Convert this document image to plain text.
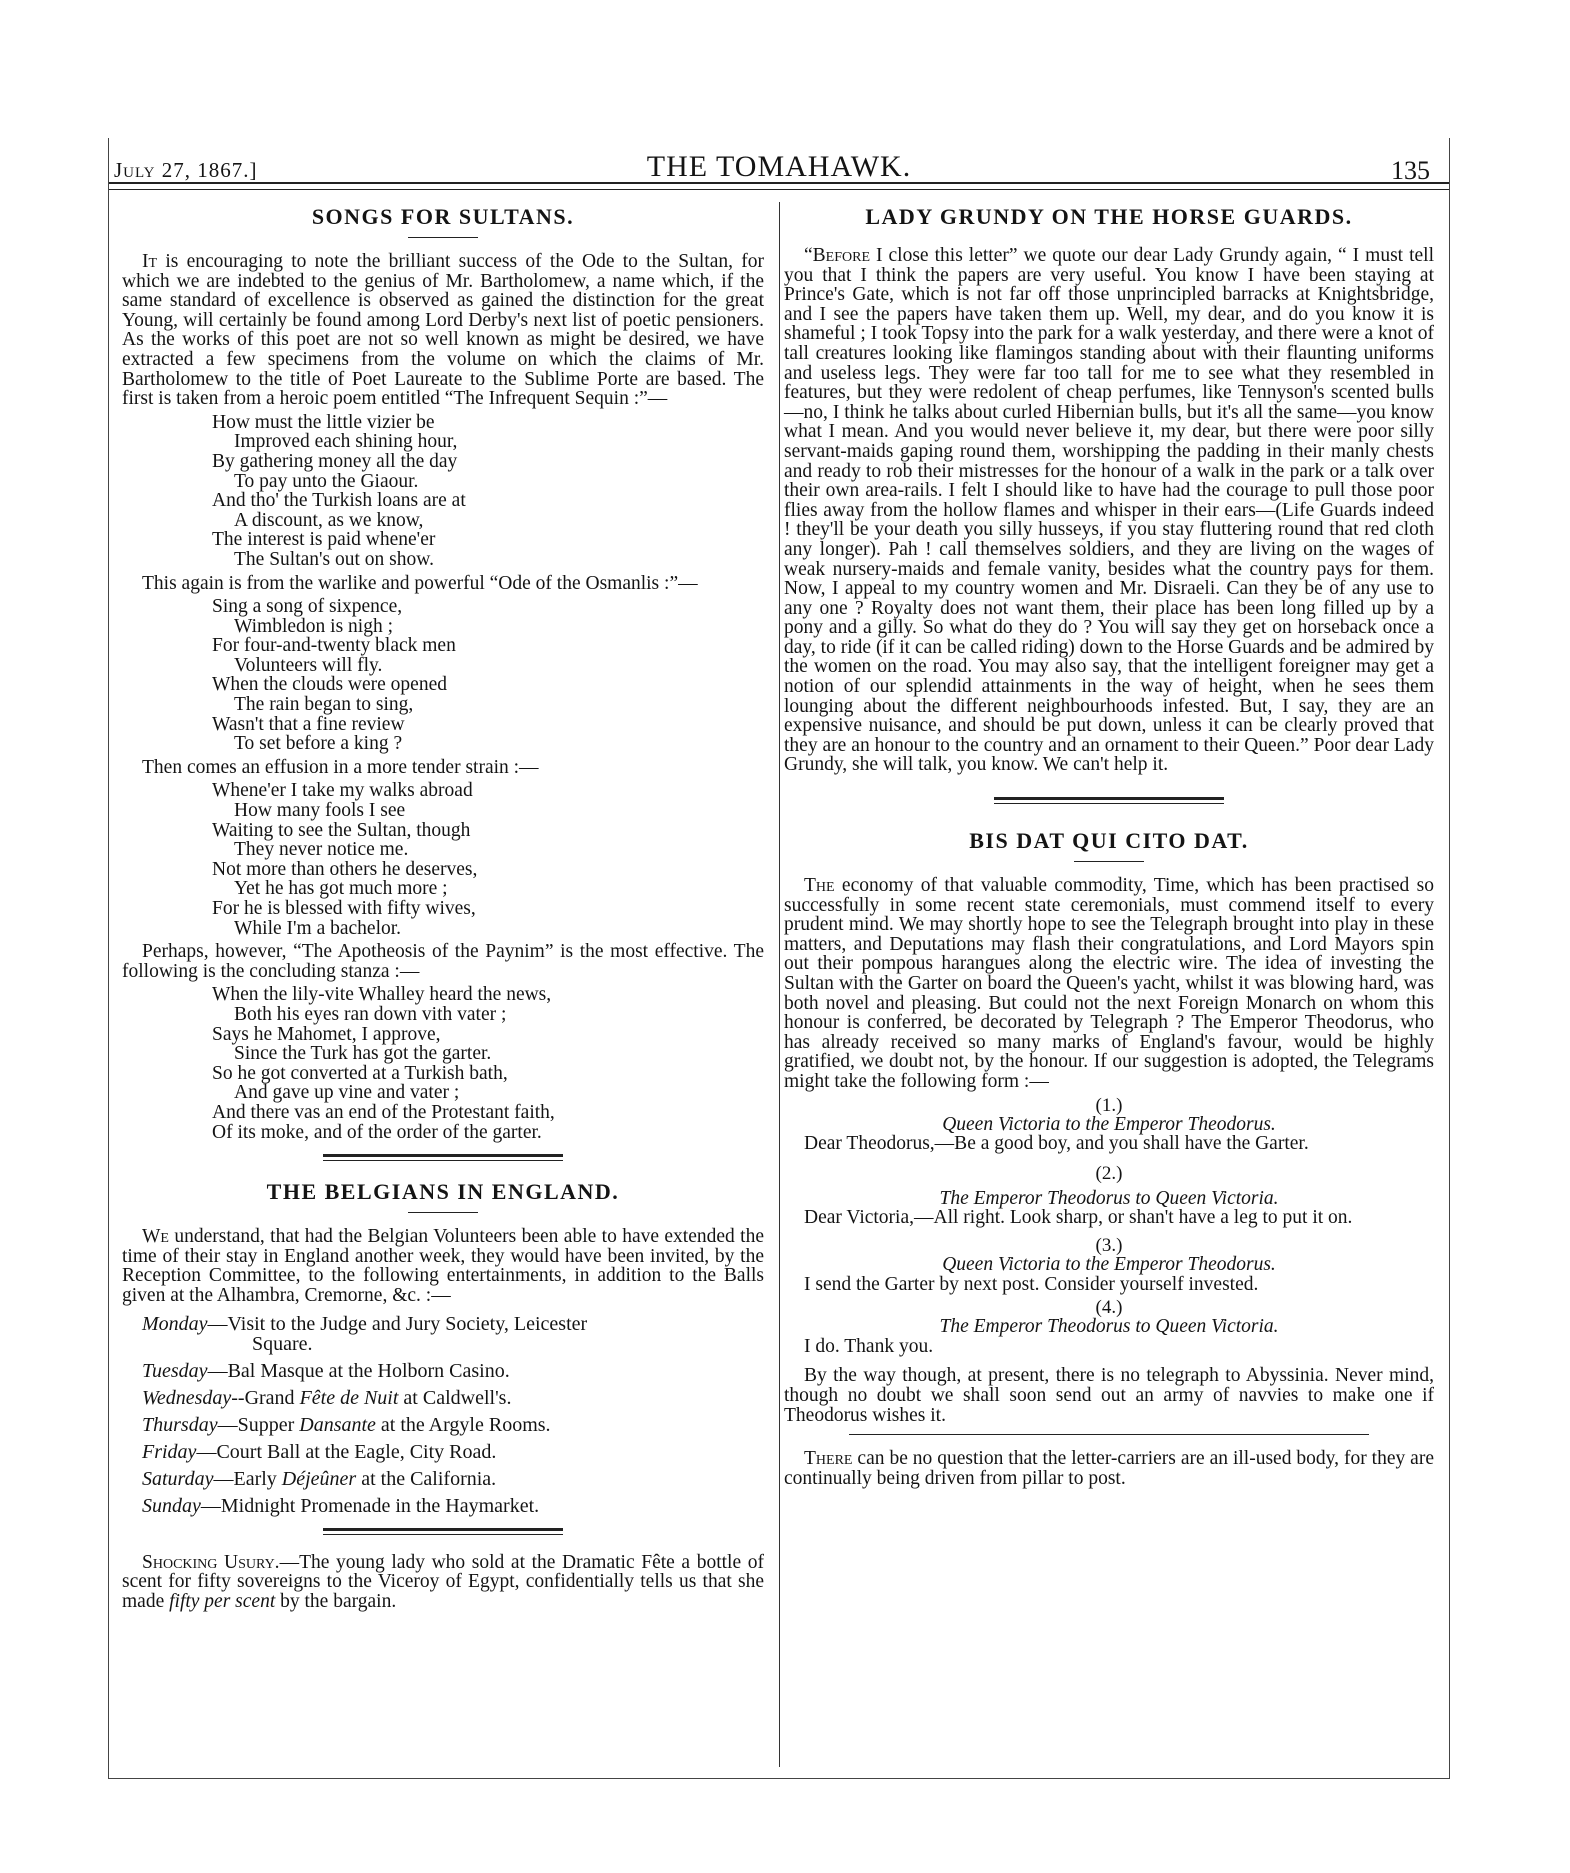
July 27, 1867.]	THE TOMAHAWK.	135
SONGS FOR SULTANS.

It is encouraging to note the brilliant success of the Ode to the Sultan, for which we are indebted to the genius of Mr. Bartholomew, a name which, if the same standard of excellence is observed as gained the distinction for the great Young, will certainly be found among Lord Derby's next list of poetic pensioners. As the works of this poet are not so well known as might be desired, we have extracted a few specimens from the volume on which the claims of Mr. Bartholomew to the title of Poet Laureate to the Sublime Porte are based. The first is taken from a heroic poem entitled “The Infrequent Sequin :”—

How must the little vizier be
Improved each shining hour,
By gathering money all the day
To pay unto the Giaour.
And tho' the Turkish loans are at
A discount, as we know,
The interest is paid whene'er
The Sultan's out on show.

This again is from the warlike and powerful “Ode of the Osmanlis :”—

Sing a song of sixpence,
Wimbledon is nigh ;
For four-and-twenty black men
Volunteers will fly.
When the clouds were opened
The rain began to sing,
Wasn't that a fine review
To set before a king ?

Then comes an effusion in a more tender strain :—

Whene'er I take my walks abroad
How many fools I see
Waiting to see the Sultan, though
They never notice me.
Not more than others he deserves,
Yet he has got much more ;
For he is blessed with fifty wives,
While I'm a bachelor.

Perhaps, however, “The Apotheosis of the Paynim” is the most effective. The following is the concluding stanza :—

When the lily-vite Whalley heard the news,
Both his eyes ran down vith vater ;
Says he Mahomet, I approve,
Since the Turk has got the garter.
So he got converted at a Turkish bath,
And gave up vine and vater ;
And there vas an end of the Protestant faith,
Of its moke, and of the order of the garter.
THE BELGIANS IN ENGLAND.

We understand, that had the Belgian Volunteers been able to have extended the time of their stay in England another week, they would have been invited, by the Reception Committee, to the following entertainments, in addition to the Balls given at the Alhambra, Cremorne, &c. :—

Monday—Visit to the Judge and Jury Society, Leicester
Square.
Tuesday—Bal Masque at the Holborn Casino.
Wednesday--Grand Fête de Nuit at Caldwell's.
Thursday—Supper Dansante at the Argyle Rooms.
Friday—Court Ball at the Eagle, City Road.
Saturday—Early Déjeûner at the California.
Sunday—Midnight Promenade in the Haymarket.

Shocking Usury.—The young lady who sold at the Dramatic Fête a bottle of scent for fifty sovereigns to the Viceroy of Egypt, confidentially tells us that she made fifty per scent by the bargain.

LADY GRUNDY ON THE HORSE GUARDS.

“Before I close this letter” we quote our dear Lady Grundy again, “ I must tell you that I think the papers are very useful. You know I have been staying at Prince's Gate, which is not far off those unprincipled barracks at Knightsbridge, and I see the papers have taken them up. Well, my dear, and do you know it is shameful ; I took Topsy into the park for a walk yesterday, and there were a knot of tall creatures looking like flamingos standing about with their flaunting uniforms and useless legs. They were far too tall for me to see what they resembled in features, but they were redolent of cheap perfumes, like Tennyson's scented bulls—no, I think he talks about curled Hibernian bulls, but it's all the same—you know what I mean. And you would never believe it, my dear, but there were poor silly servant-maids gaping round them, worshipping the padding in their manly chests and ready to rob their mistresses for the honour of a walk in the park or a talk over their own area-rails. I felt I should like to have had the courage to pull those poor flies away from the hollow flames and whisper in their ears—(Life Guards indeed ! they'll be your death you silly husseys, if you stay fluttering round that red cloth any longer). Pah ! call themselves soldiers, and they are living on the wages of weak nursery-maids and female vanity, besides what the country pays for them. Now, I appeal to my country women and Mr. Disraeli. Can they be of any use to any one ? Royalty does not want them, their place has been long filled up by a pony and a gilly. So what do they do ? You will say they get on horseback once a day, to ride (if it can be called riding) down to the Horse Guards and be admired by the women on the road. You may also say, that the intelligent foreigner may get a notion of our splendid attainments in the way of height, when he sees them lounging about the different neighbourhoods infested. But, I say, they are an expensive nuisance, and should be put down, unless it can be clearly proved that they are an honour to the country and an ornament to their Queen.” Poor dear Lady Grundy, she will talk, you know. We can't help it.

BIS DAT QUI CITO DAT.

The economy of that valuable commodity, Time, which has been practised so successfully in some recent state ceremonials, must commend itself to every prudent mind. We may shortly hope to see the Telegraph brought into play in these matters, and Deputations may flash their congratulations, and Lord Mayors spin out their pompous harangues along the electric wire. The idea of investing the Sultan with the Garter on board the Queen's yacht, whilst it was blowing hard, was both novel and pleasing. But could not the next Foreign Monarch on whom this honour is conferred, be decorated by Telegraph ? The Emperor Theodorus, who has already received so many marks of England's favour, would be highly gratified, we doubt not, by the honour. If our suggestion is adopted, the Telegrams might take the following form :—

(1.)
Queen Victoria to the Emperor Theodorus.

Dear Theodorus,—Be a good boy, and you shall have the Garter.

(2.)
The Emperor Theodorus to Queen Victoria.

Dear Victoria,—All right. Look sharp, or shan't have a leg to put it on.

(3.)
Queen Victoria to the Emperor Theodorus.

I send the Garter by next post. Consider yourself invested.

(4.)
The Emperor Theodorus to Queen Victoria.

I do. Thank you.

By the way though, at present, there is no telegraph to Abyssinia. Never mind, though no doubt we shall soon send out an army of navvies to make one if Theodorus wishes it.

There can be no question that the letter-carriers are an ill-used body, for they are continually being driven from pillar to post.
